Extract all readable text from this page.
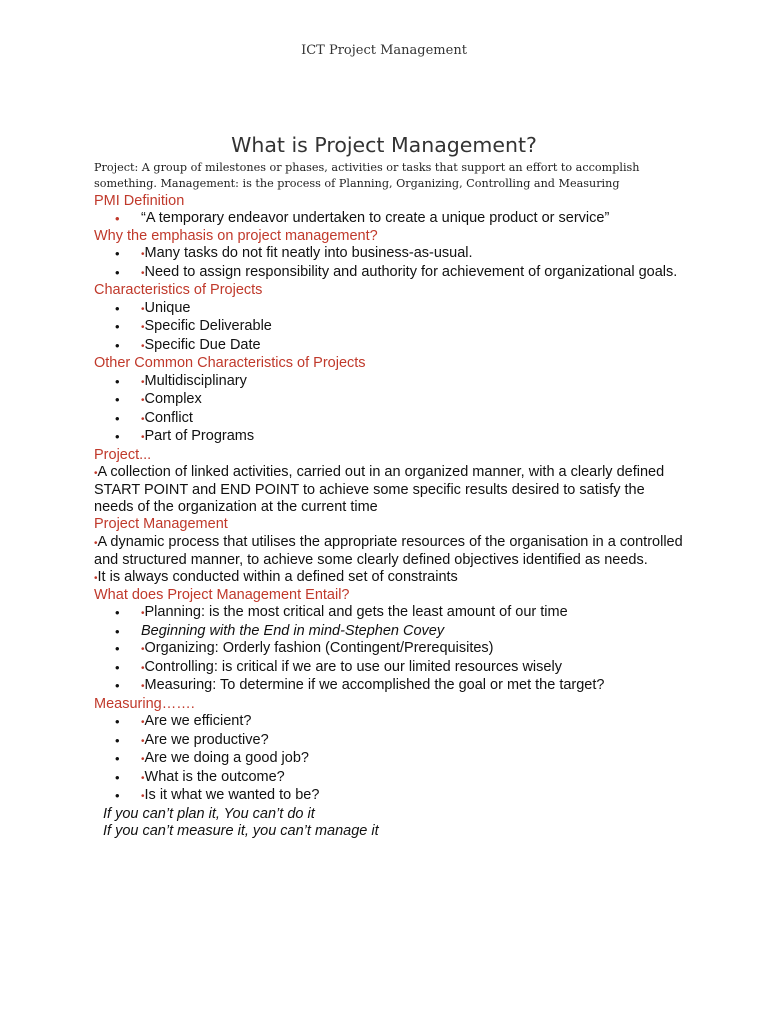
ICT Project Management
What is Project Management?

Project: A group of milestones or phases, activities or tasks that support an effort to accomplish something. Management: is the process of Planning, Organizing, Controlling and Measuring

PMI Definition

• “A temporary endeavor undertaken to create a unique product or service”

Why the emphasis on project management?

• •Many tasks do not fit neatly into business-as-usual.
• •Need to assign responsibility and authority for achievement of organizational goals.

Characteristics of Projects

• •Unique
• •Specific Deliverable
• •Specific Due Date

Other Common Characteristics of Projects

• •Multidisciplinary
• •Complex
• •Conflict
• •Part of Programs

Project...

•A collection of linked activities, carried out in an organized manner, with a clearly defined START POINT and END POINT to achieve some specific results desired to satisfy the needs of the organization at the current time

Project Management

•A dynamic process that utilises the appropriate resources of the organisation in a controlled and structured manner, to achieve some clearly defined objectives identified as needs.

•It is always conducted within a defined set of constraints

What does Project Management Entail?

• •Planning: is the most critical and gets the least amount of our time
• Beginning with the End in mind-Stephen Covey
• •Organizing: Orderly fashion (Contingent/Prerequisites)
• •Controlling: is critical if we are to use our limited resources wisely
• •Measuring: To determine if we accomplished the goal or met the target?

Measuring…….

• •Are we efficient?
• •Are we productive?
• •Are we doing a good job?
• •What is the outcome?
• •Is it what we wanted to be?

If you can’t plan it, You can’t do it

If you can’t measure it, you can’t manage it
